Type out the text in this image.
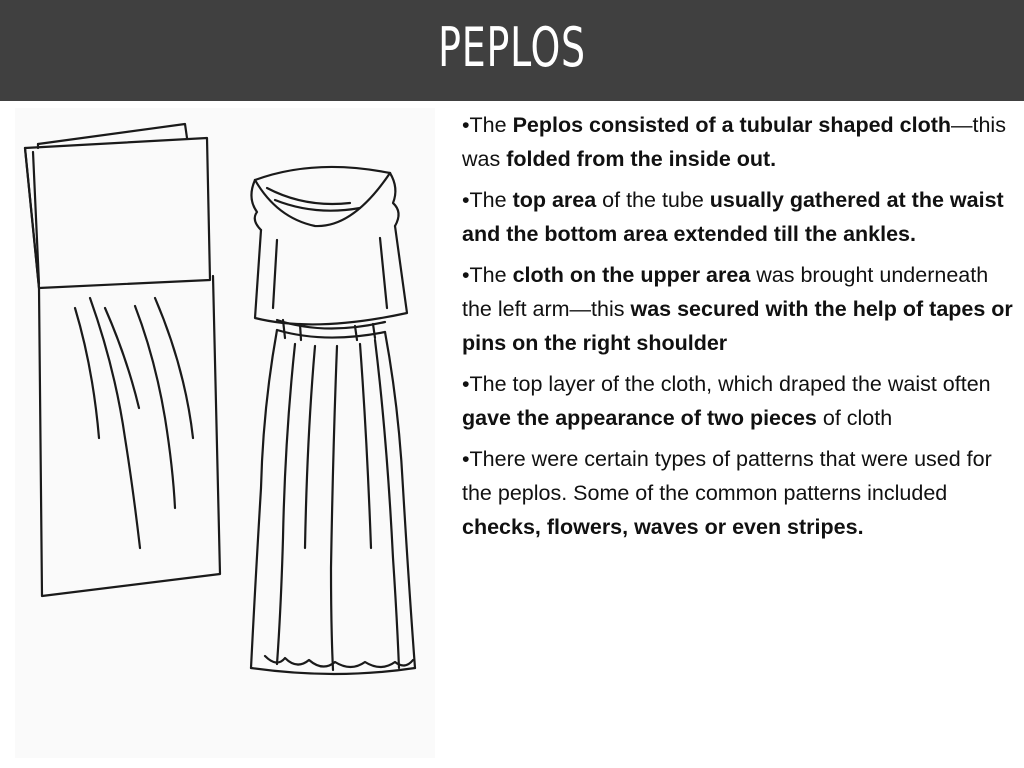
PEPLOS
•The Peplos consisted of a tubular shaped cloth—this was folded from the inside out.
•The top area of the tube usually gathered at the waist and the bottom area extended till the ankles.
•The cloth on the upper area was brought underneath the left arm—this was secured with the help of tapes or pins on the right shoulder
•The top layer of the cloth, which draped the waist often gave the appearance of two pieces of cloth
•There were certain types of patterns that were used for the peplos. Some of the common patterns included checks, flowers, waves or even stripes.
